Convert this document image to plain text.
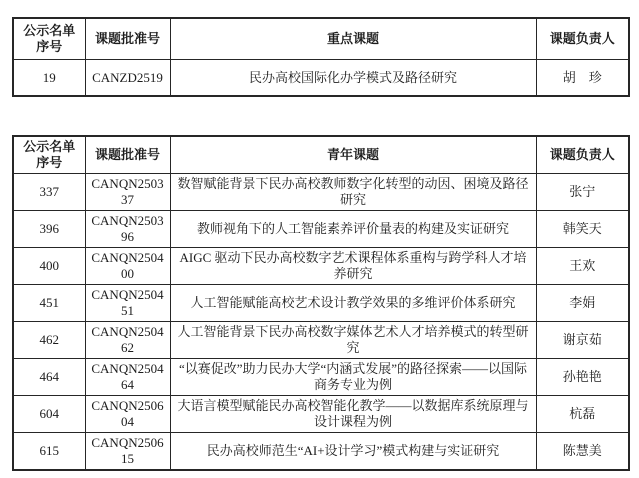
公示名单序号	课题批准号	重点课题	课题负责人
19	CANZD2519	民办高校国际化办学模式及路径研究	胡　珍
公示名单序号	课题批准号	青年课题	课题负责人
337	CANQN250337	数智赋能背景下民办高校教师数字化转型的动因、困境及路径研究	张宁
396	CANQN250396	教师视角下的人工智能素养评价量表的构建及实证研究	韩笑天
400	CANQN250400	AIGC 驱动下民办高校数字艺术课程体系重构与跨学科人才培养研究	王欢
451	CANQN250451	人工智能赋能高校艺术设计教学效果的多维评价体系研究	李娟
462	CANQN250462	人工智能背景下民办高校数字媒体艺术人才培养模式的转型研究	谢京茹
464	CANQN250464	“以赛促改”助力民办大学“内涵式发展”的路径探索——以国际商务专业为例	孙艳艳
604	CANQN250604	大语言模型赋能民办高校智能化教学——以数据库系统原理与设计课程为例	杭磊
615	CANQN250615	民办高校师范生“AI+设计学习”模式构建与实证研究	陈慧美
